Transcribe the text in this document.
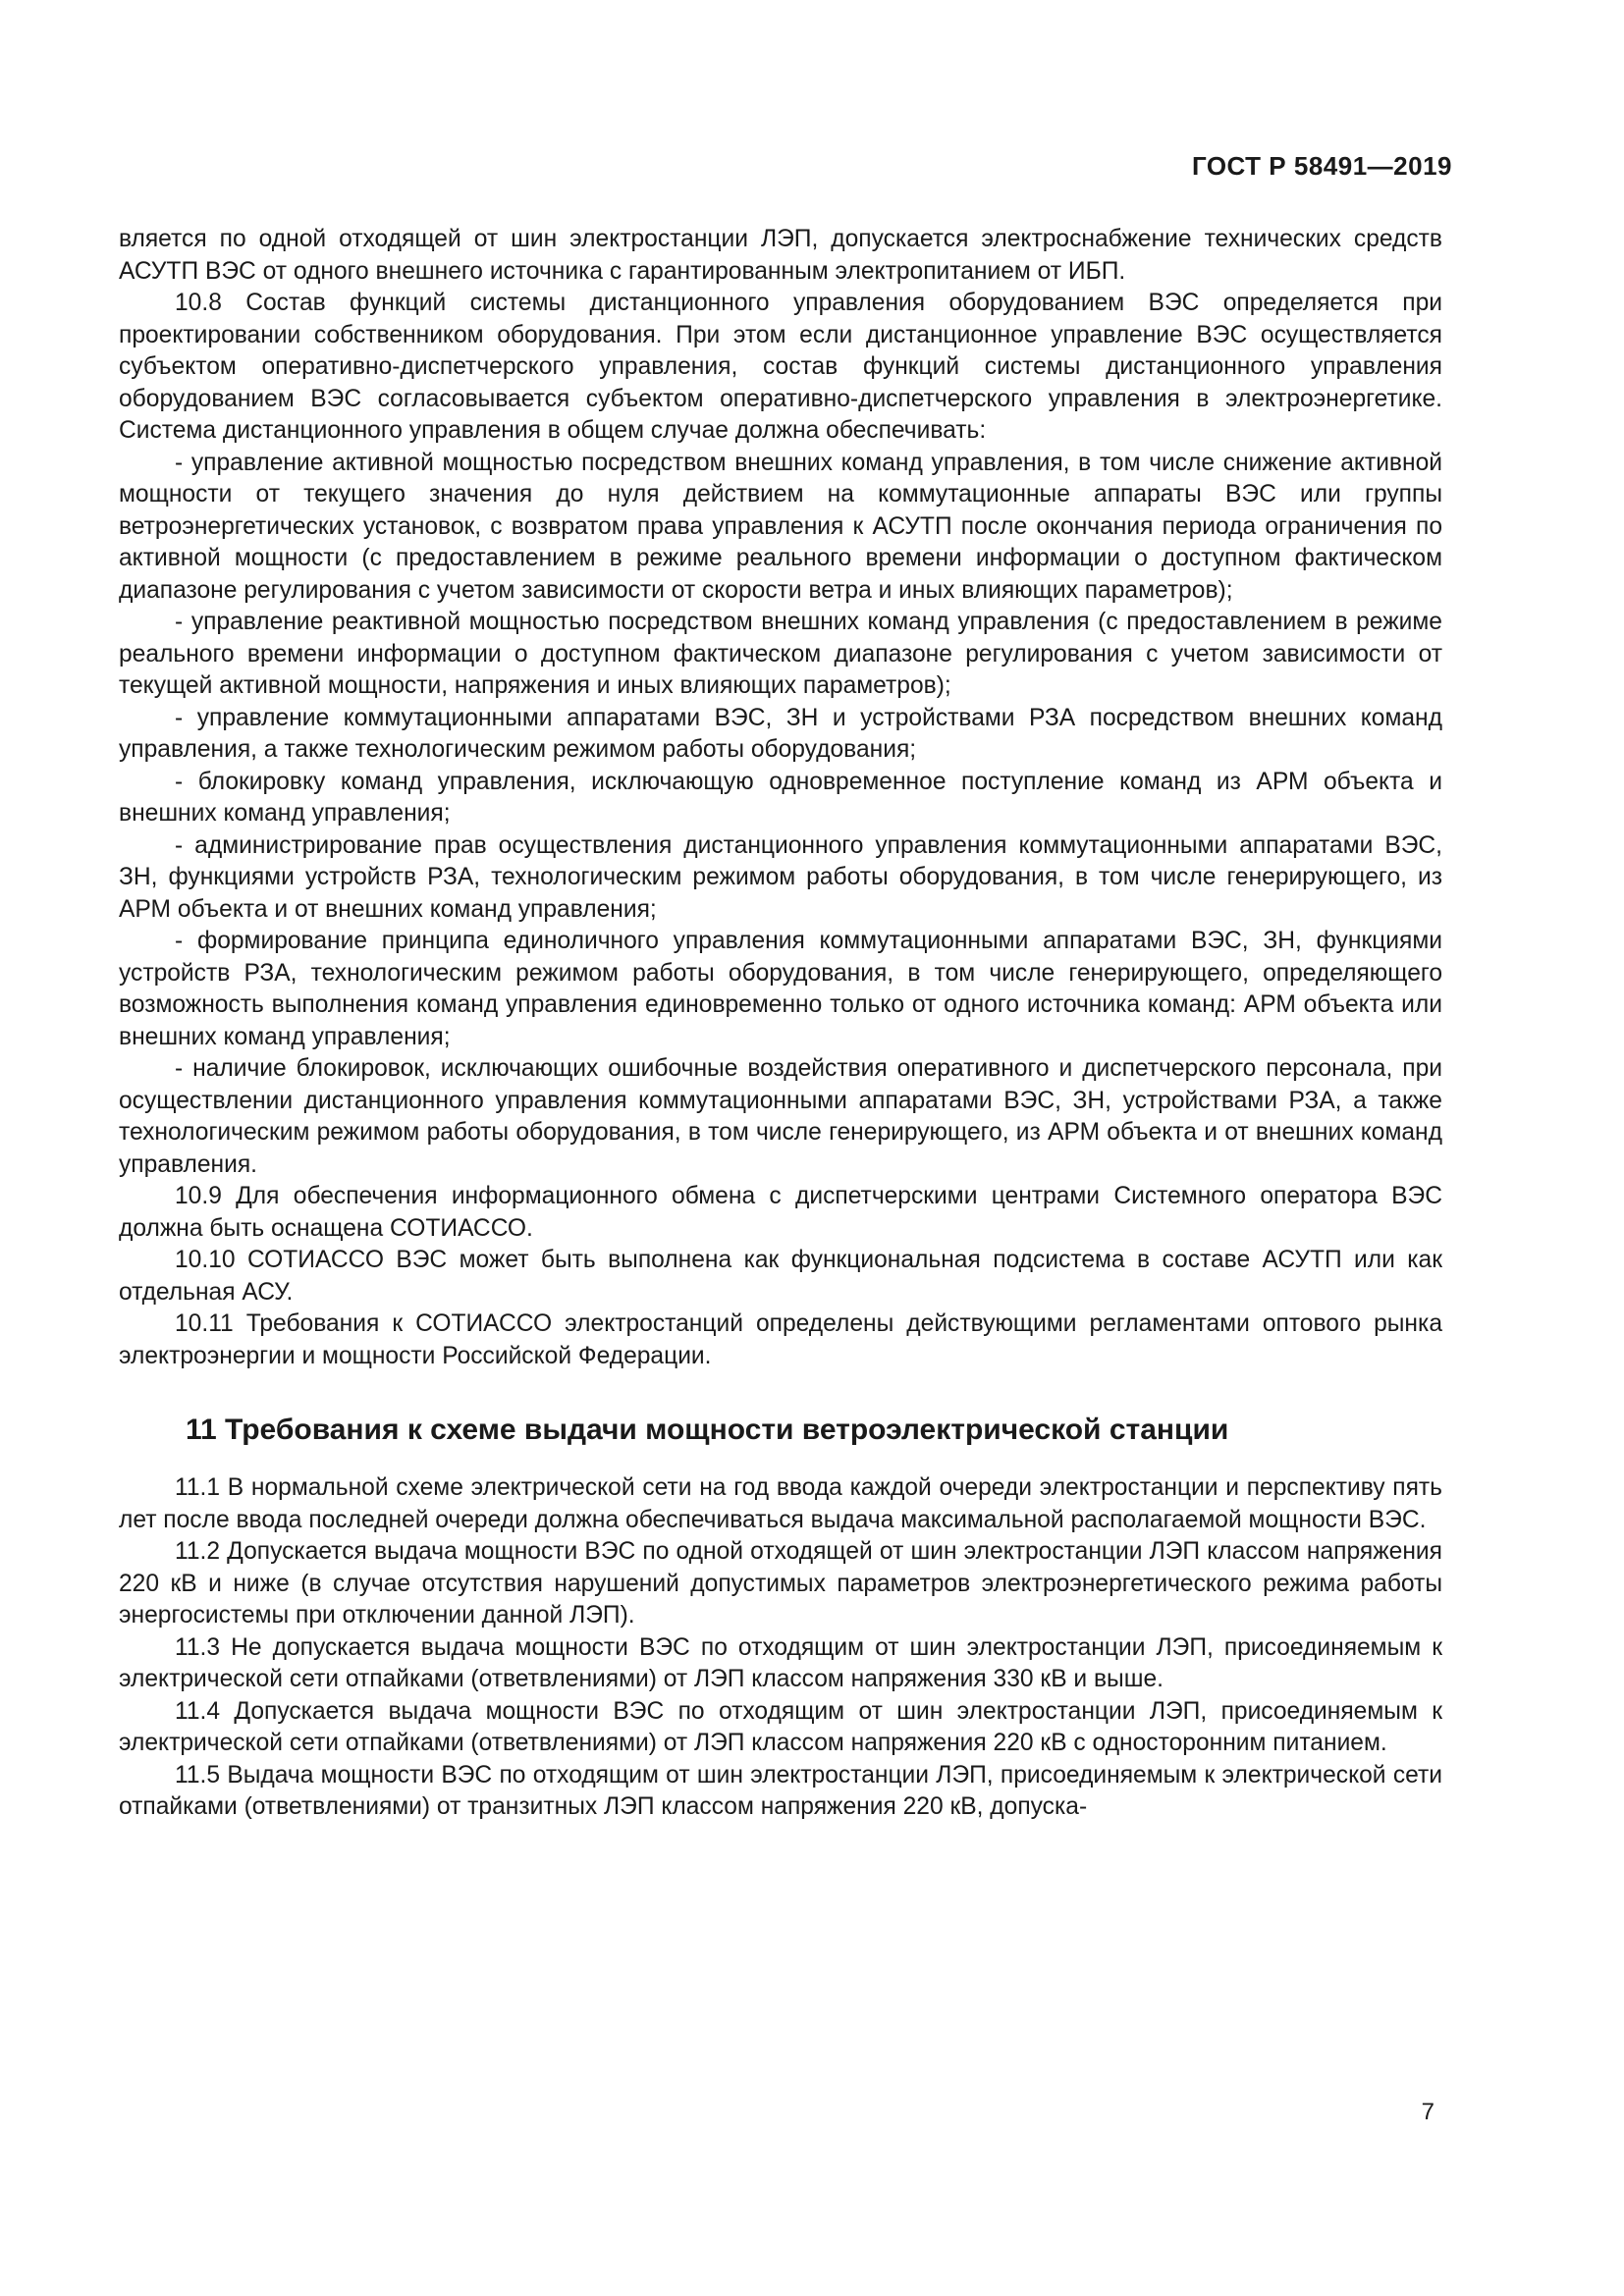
ГОСТ Р 58491—2019

вляется по одной отходящей от шин электростанции ЛЭП, допускается электроснабжение технических средств АСУТП ВЭС от одного внешнего источника с гарантированным электропитанием от ИБП.

10.8 Состав функций системы дистанционного управления оборудованием ВЭС определяется при проектировании собственником оборудования. При этом если дистанционное управление ВЭС осуществляется субъектом оперативно-диспетчерского управления, состав функций системы дистанционного управления оборудованием ВЭС согласовывается субъектом оперативно-диспетчерского управления в электроэнергетике. Система дистанционного управления в общем случае должна обеспечивать:

- управление активной мощностью посредством внешних команд управления, в том числе снижение активной мощности от текущего значения до нуля действием на коммутационные аппараты ВЭС или группы ветроэнергетических установок, с возвратом права управления к АСУТП после окончания периода ограничения по активной мощности (с предоставлением в режиме реального времени информации о доступном фактическом диапазоне регулирования с учетом зависимости от скорости ветра и иных влияющих параметров);

- управление реактивной мощностью посредством внешних команд управления (с предоставлением в режиме реального времени информации о доступном фактическом диапазоне регулирования с учетом зависимости от текущей активной мощности, напряжения и иных влияющих параметров);

- управление коммутационными аппаратами ВЭС, ЗН и устройствами РЗА посредством внешних команд управления, а также технологическим режимом работы оборудования;

- блокировку команд управления, исключающую одновременное поступление команд из АРМ объекта и внешних команд управления;

- администрирование прав осуществления дистанционного управления коммутационными аппаратами ВЭС, ЗН, функциями устройств РЗА, технологическим режимом работы оборудования, в том числе генерирующего, из АРМ объекта и от внешних команд управления;

- формирование принципа единоличного управления коммутационными аппаратами ВЭС, ЗН, функциями устройств РЗА, технологическим режимом работы оборудования, в том числе генерирующего, определяющего возможность выполнения команд управления единовременно только от одного источника команд: АРМ объекта или внешних команд управления;

- наличие блокировок, исключающих ошибочные воздействия оперативного и диспетчерского персонала, при осуществлении дистанционного управления коммутационными аппаратами ВЭС, ЗН, устройствами РЗА, а также технологическим режимом работы оборудования, в том числе генерирующего, из АРМ объекта и от внешних команд управления.

10.9 Для обеспечения информационного обмена с диспетчерскими центрами Системного оператора ВЭС должна быть оснащена СОТИАССО.

10.10 СОТИАССО ВЭС может быть выполнена как функциональная подсистема в составе АСУТП или как отдельная АСУ.

10.11 Требования к СОТИАССО электростанций определены действующими регламентами оптового рынка электроэнергии и мощности Российской Федерации.

11 Требования к схеме выдачи мощности ветроэлектрической станции

11.1 В нормальной схеме электрической сети на год ввода каждой очереди электростанции и перспективу пять лет после ввода последней очереди должна обеспечиваться выдача максимальной располагаемой мощности ВЭС.

11.2 Допускается выдача мощности ВЭС по одной отходящей от шин электростанции ЛЭП классом напряжения 220 кВ и ниже (в случае отсутствия нарушений допустимых параметров электроэнергетического режима работы энергосистемы при отключении данной ЛЭП).

11.3 Не допускается выдача мощности ВЭС по отходящим от шин электростанции ЛЭП, присоединяемым к электрической сети отпайками (ответвлениями) от ЛЭП классом напряжения 330 кВ и выше.

11.4 Допускается выдача мощности ВЭС по отходящим от шин электростанции ЛЭП, присоединяемым к электрической сети отпайками (ответвлениями) от ЛЭП классом напряжения 220 кВ с односторонним питанием.

11.5 Выдача мощности ВЭС по отходящим от шин электростанции ЛЭП, присоединяемым к электрической сети отпайками (ответвлениями) от транзитных ЛЭП классом напряжения 220 кВ, допуска-

7
